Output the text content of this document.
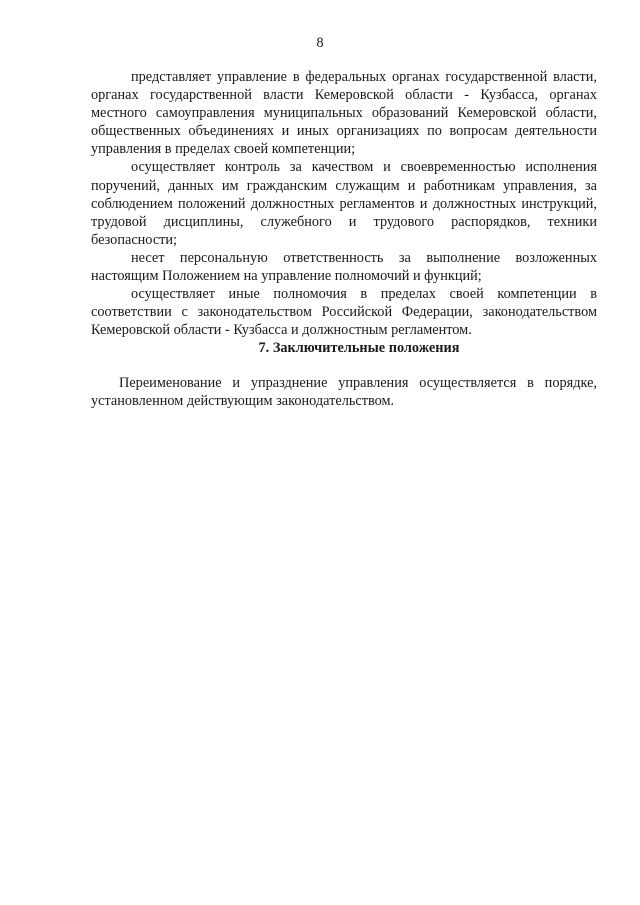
8

представляет управление в федеральных органах государственной власти, органах государственной власти Кемеровской области - Кузбасса, органах местного самоуправления муниципальных образований Кемеровской области, общественных объединениях и иных организациях по вопросам деятельности управления в пределах своей компетенции;

осуществляет контроль за качеством и своевременностью исполнения поручений, данных им гражданским служащим и работникам управления, за соблюдением положений должностных регламентов и должностных инструкций, трудовой дисциплины, служебного и трудового распорядков, техники безопасности;

несет персональную ответственность за выполнение возложенных настоящим Положением на управление полномочий и функций;

осуществляет иные полномочия в пределах своей компетенции в соответствии с законодательством Российской Федерации, законодательством Кемеровской области - Кузбасса и должностным регламентом.

7. Заключительные положения

Переименование и упразднение управления осуществляется в порядке, установленном действующим законодательством.
